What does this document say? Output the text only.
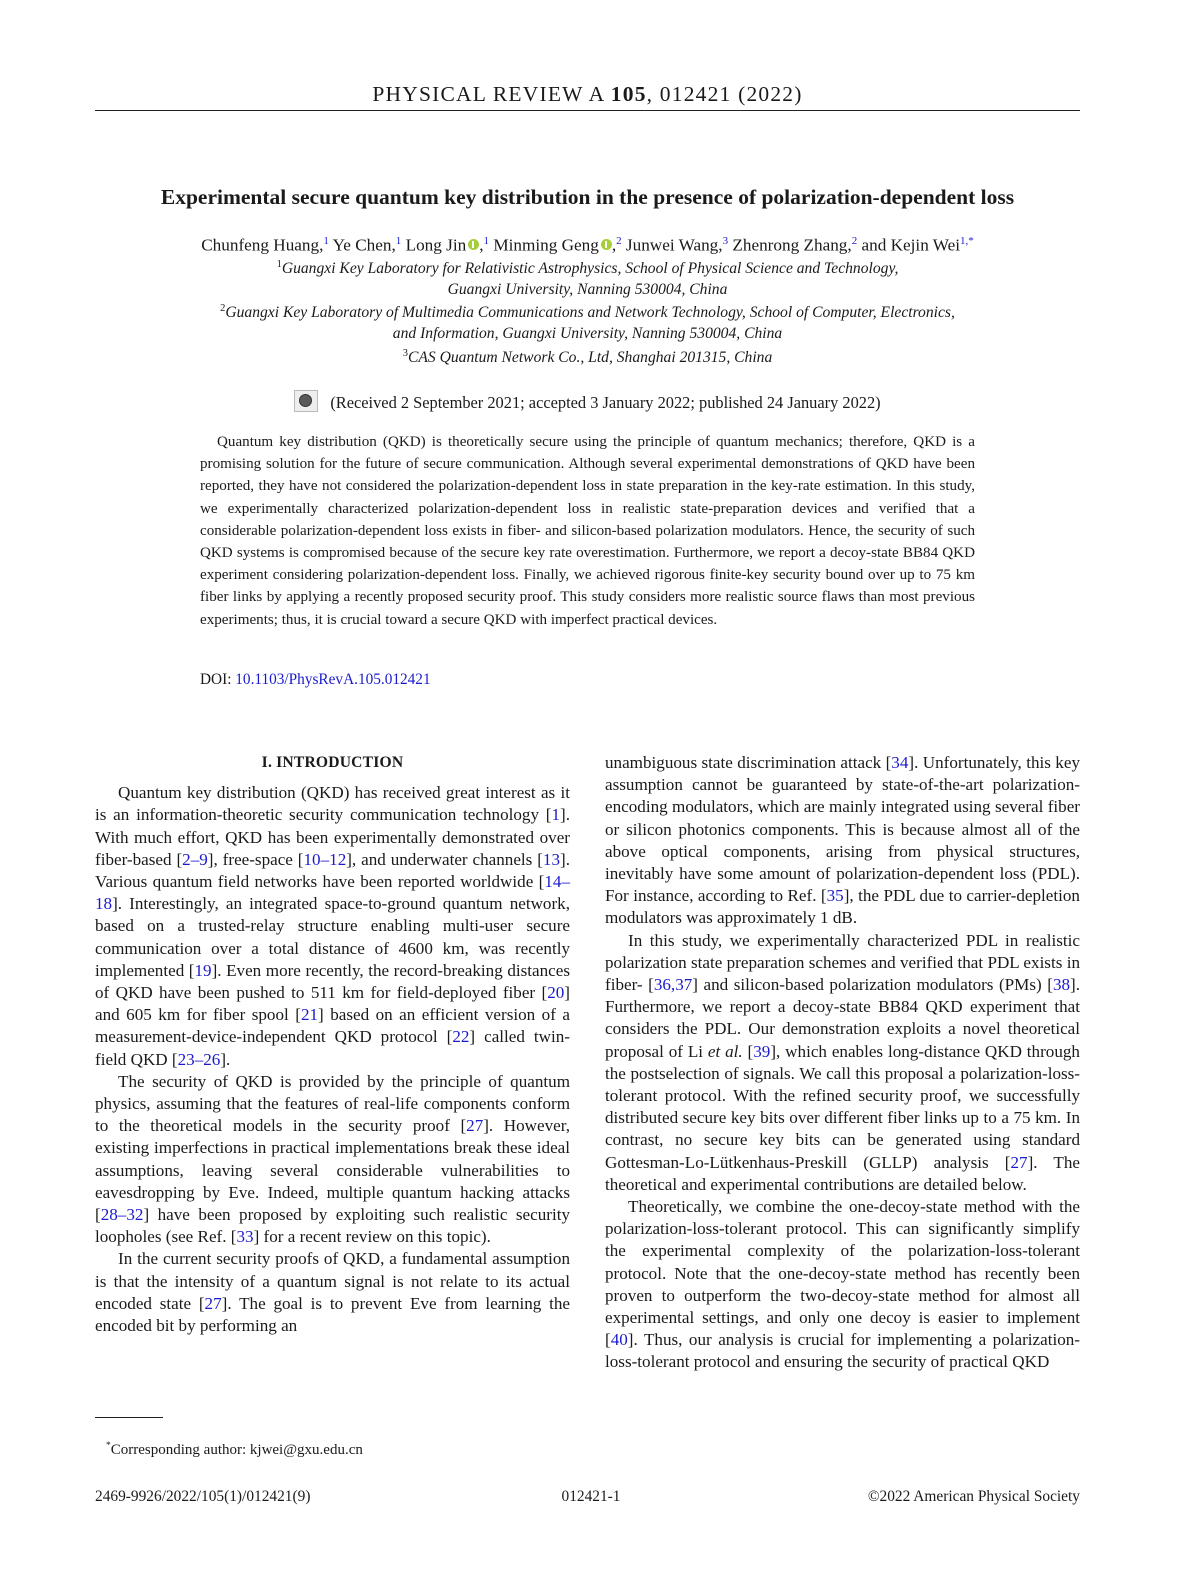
PHYSICAL REVIEW A 105, 012421 (2022)
Experimental secure quantum key distribution in the presence of polarization-dependent loss
Chunfeng Huang,$^1$ Ye Chen,$^1$ Long Jin ,$^1$ Minming Geng ,$^2$ Junwei Wang,$^3$ Zhenrong Zhang,$^2$ and Kejin Wei$^{1,*}$
$^1$Guangxi Key Laboratory for Relativistic Astrophysics, School of Physical Science and Technology,
Guangxi University, Nanning 530004, China
$^2$Guangxi Key Laboratory of Multimedia Communications and Network Technology, School of Computer, Electronics,
and Information, Guangxi University, Nanning 530004, China
$^3$CAS Quantum Network Co., Ltd, Shanghai 201315, China
(Received 2 September 2021; accepted 3 January 2022; published 24 January 2022)
Quantum key distribution (QKD) is theoretically secure using the principle of quantum mechanics; therefore, QKD is a promising solution for the future of secure communication. Although several experimental demonstrations of QKD have been reported, they have not considered the polarization-dependent loss in state preparation in the key-rate estimation. In this study, we experimentally characterized polarization-dependent loss in realistic state-preparation devices and verified that a considerable polarization-dependent loss exists in fiber- and silicon-based polarization modulators. Hence, the security of such QKD systems is compromised because of the secure key rate overestimation. Furthermore, we report a decoy-state BB84 QKD experiment considering polarization-dependent loss. Finally, we achieved rigorous finite-key security bound over up to 75 km fiber links by applying a recently proposed security proof. This study considers more realistic source flaws than most previous experiments; thus, it is crucial toward a secure QKD with imperfect practical devices.
DOI: 10.1103/PhysRevA.105.012421
I. INTRODUCTION

Quantum key distribution (QKD) has received great interest as it is an information-theoretic security communication technology [1]. With much effort, QKD has been experimentally demonstrated over fiber-based [2–9], free-space [10–12], and underwater channels [13]. Various quantum field networks have been reported worldwide [14–18]. Interestingly, an integrated space-to-ground quantum network, based on a trusted-relay structure enabling multi-user secure communication over a total distance of 4600 km, was recently implemented [19]. Even more recently, the record-breaking distances of QKD have been pushed to 511 km for field-deployed fiber [20] and 605 km for fiber spool [21] based on an efficient version of a measurement-device-independent QKD protocol [22] called twin-field QKD [23–26].

The security of QKD is provided by the principle of quantum physics, assuming that the features of real-life components conform to the theoretical models in the security proof [27]. However, existing imperfections in practical implementations break these ideal assumptions, leaving several considerable vulnerabilities to eavesdropping by Eve. Indeed, multiple quantum hacking attacks [28–32] have been proposed by exploiting such realistic security loopholes (see Ref. [33] for a recent review on this topic).

In the current security proofs of QKD, a fundamental assumption is that the intensity of a quantum signal is not relate to its actual encoded state [27]. The goal is to prevent Eve from learning the encoded bit by performing an

unambiguous state discrimination attack [34]. Unfortunately, this key assumption cannot be guaranteed by state-of-the-art polarization-encoding modulators, which are mainly integrated using several fiber or silicon photonics components. This is because almost all of the above optical components, arising from physical structures, inevitably have some amount of polarization-dependent loss (PDL). For instance, according to Ref. [35], the PDL due to carrier-depletion modulators was approximately 1 dB.

In this study, we experimentally characterized PDL in realistic polarization state preparation schemes and verified that PDL exists in fiber- [36,37] and silicon-based polarization modulators (PMs) [38]. Furthermore, we report a decoy-state BB84 QKD experiment that considers the PDL. Our demonstration exploits a novel theoretical proposal of Li et al. [39], which enables long-distance QKD through the postselection of signals. We call this proposal a polarization-loss-tolerant protocol. With the refined security proof, we successfully distributed secure key bits over different fiber links up to a 75 km. In contrast, no secure key bits can be generated using standard Gottesman-Lo-Lütkenhaus-Preskill (GLLP) analysis [27]. The theoretical and experimental contributions are detailed below.

Theoretically, we combine the one-decoy-state method with the polarization-loss-tolerant protocol. This can significantly simplify the experimental complexity of the polarization-loss-tolerant protocol. Note that the one-decoy-state method has recently been proven to outperform the two-decoy-state method for almost all experimental settings, and only one decoy is easier to implement [40]. Thus, our analysis is crucial for implementing a polarization-loss-tolerant protocol and ensuring the security of practical QKD

*Corresponding author: kjwei@gxu.edu.cn
2469-9926/2022/105(1)/012421(9)	012421-1	©2022 American Physical Society
